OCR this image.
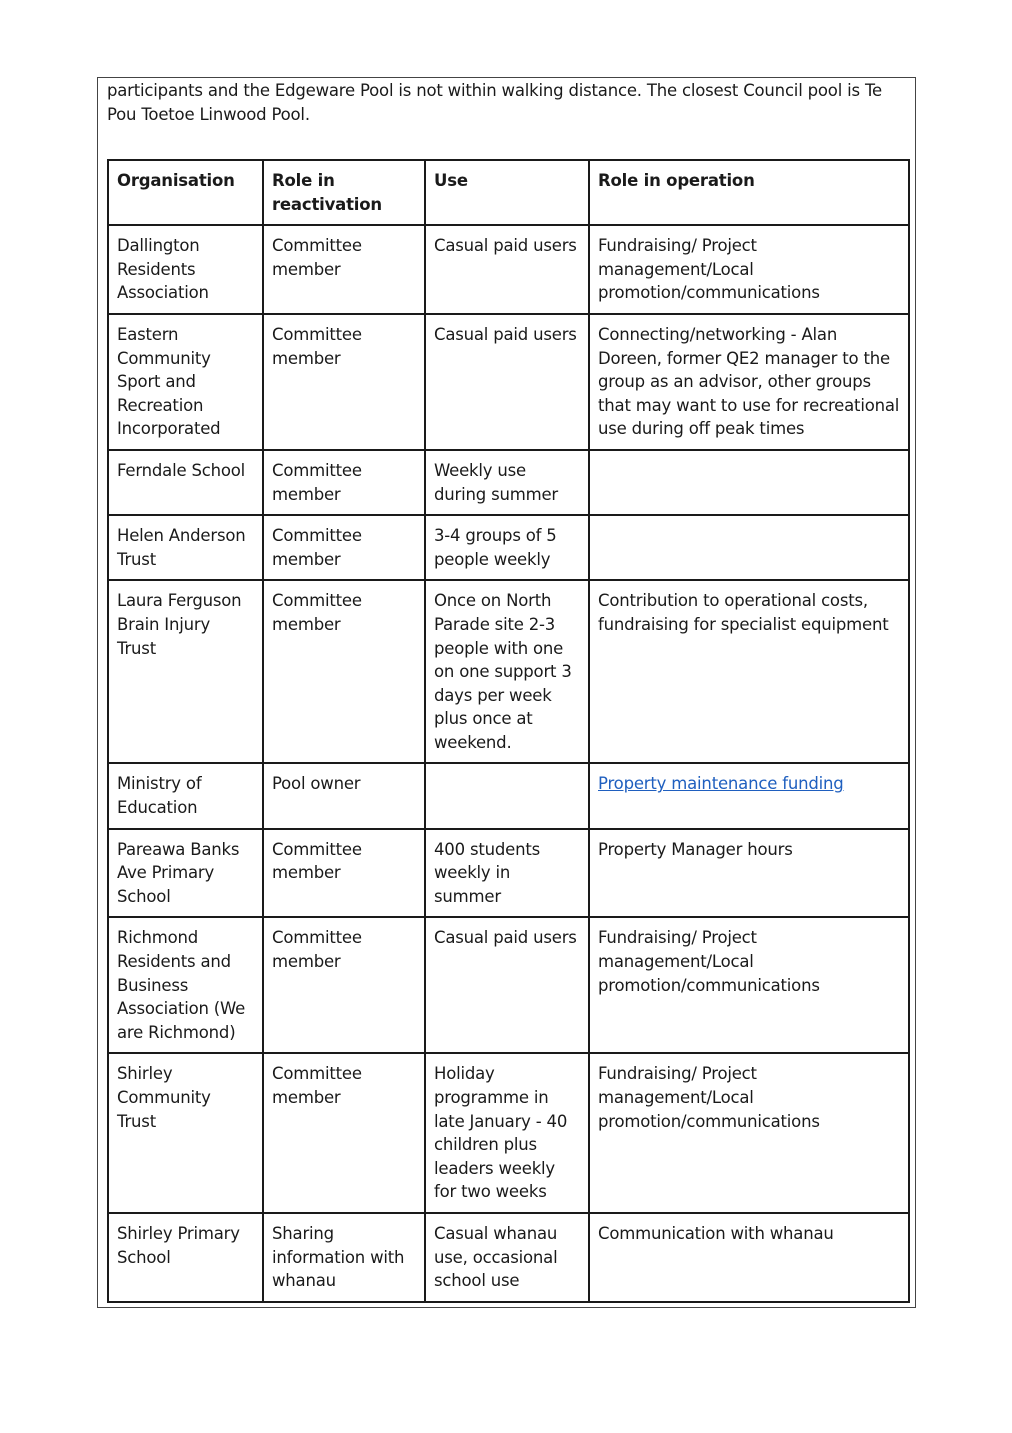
participants and the Edgeware Pool is not within walking distance. The closest Council pool is Te Pou Toetoe Linwood Pool.

Organisation	Role in reactivation	Use	Role in operation
Dallington Residents Association	Committee member	Casual paid users	Fundraising/ Project management/Local promotion/communications
Eastern Community Sport and Recreation Incorporated	Committee member	Casual paid users	Connecting/networking - Alan Doreen, former QE2 manager to the group as an advisor, other groups that may want to use for recreational use during off peak times
Ferndale School	Committee member	Weekly use during summer	
Helen Anderson Trust	Committee member	3-4 groups of 5 people weekly	
Laura Ferguson Brain Injury Trust	Committee member	Once on North Parade site 2-3 people with one on one support 3 days per week plus once at weekend.	Contribution to operational costs, fundraising for specialist equipment
Ministry of Education	Pool owner		Property maintenance funding
Pareawa Banks Ave Primary School	Committee member	400 students weekly in summer	Property Manager hours
Richmond Residents and Business Association (We are Richmond)	Committee member	Casual paid users	Fundraising/ Project management/Local promotion/communications
Shirley Community Trust	Committee member	Holiday programme in late January - 40 children plus leaders weekly for two weeks	Fundraising/ Project management/Local promotion/communications
Shirley Primary School	Sharing information with whanau	Casual whanau use, occasional school use	Communication with whanau
